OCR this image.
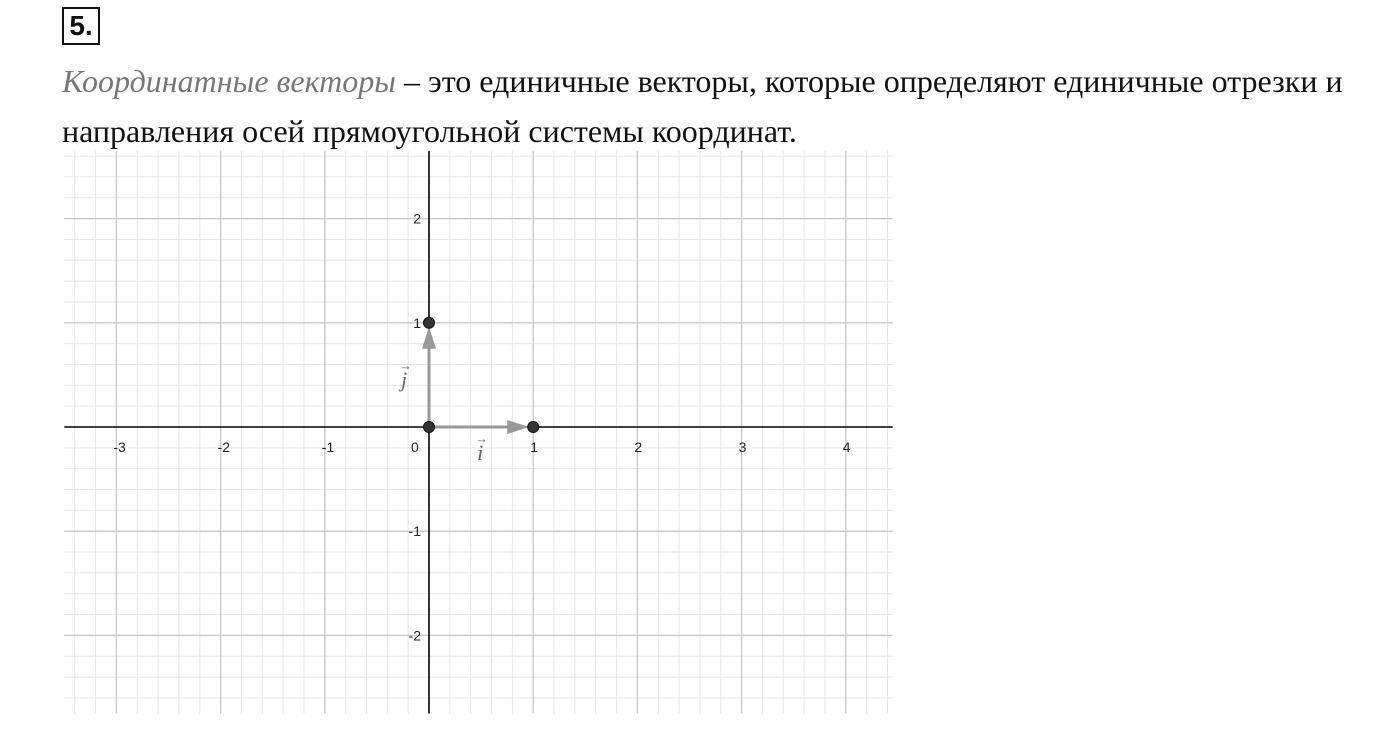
5.
Координатные векторы – это единичные векторы, которые определяют единичные отрезки и направления осей прямоугольной системы координат.
-3	-2	-1	0	1	2	3	4
-2
-1
1
2
i
→
j
→
